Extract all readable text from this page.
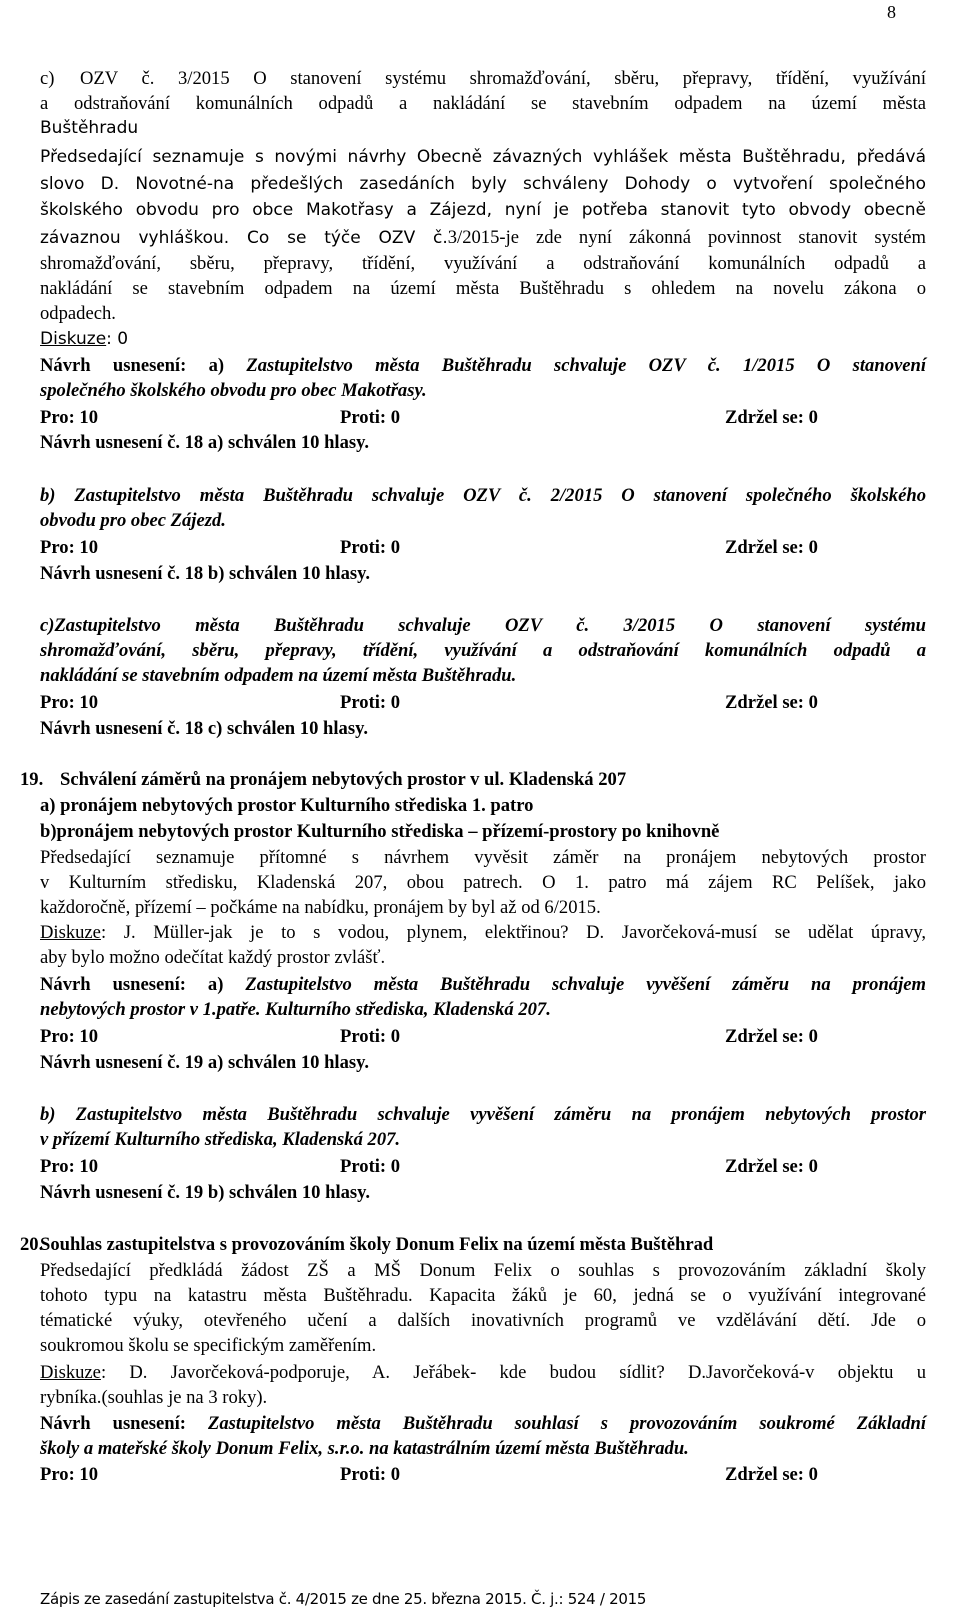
8
c) OZV č. 3/2015 O stanovení systému shromažďování, sběru, přepravy, třídění, využívání
a odstraňování komunálních odpadů a nakládání se stavebním odpadem na území města
Buštěhradu
Předsedající seznamuje s novými návrhy Obecně závazných vyhlášek města Buštěhradu, předává
slovo D. Novotné-na předešlých zasedáních byly schváleny Dohody o vytvoření společného
školského obvodu pro obce Makotřasy a Zájezd, nyní je potřeba stanovit tyto obvody obecně
závaznou vyhláškou. Co se týče OZV č.3/2015-je zde nyní zákonná povinnost stanovit systém
shromažďování, sběru, přepravy, třídění, využívání a odstraňování komunálních odpadů a
nakládání se stavebním odpadem na území města Buštěhradu s ohledem na novelu zákona o
odpadech.
Diskuze: 0
Návrh usnesení: a) Zastupitelstvo města Buštěhradu schvaluje OZV č. 1/2015 O stanovení
společného školského obvodu pro obec Makotřasy.
Pro: 10	Proti: 0	Zdržel se: 0
Návrh usnesení č. 18 a) schválen 10 hlasy.
b) Zastupitelstvo města Buštěhradu schvaluje OZV č. 2/2015 O stanovení společného školského
obvodu pro obec Zájezd.
Pro: 10	Proti: 0	Zdržel se: 0
Návrh usnesení č. 18 b) schválen 10 hlasy.
c)Zastupitelstvo města Buštěhradu schvaluje OZV č. 3/2015 O stanovení systému
shromažďování, sběru, přepravy, třídění, využívání a odstraňování komunálních odpadů a
nakládání se stavebním odpadem na území města Buštěhradu.
Pro: 10	Proti: 0	Zdržel se: 0
Návrh usnesení č. 18 c) schválen 10 hlasy.
19. Schválení záměrů na pronájem nebytových prostor v ul. Kladenská 207
a) pronájem nebytových prostor Kulturního střediska 1. patro
b)pronájem nebytových prostor Kulturního střediska – přízemí-prostory po knihovně
Předsedající seznamuje přítomné s návrhem vyvěsit záměr na pronájem nebytových prostor
v Kulturním středisku, Kladenská 207, obou patrech. O 1. patro má zájem RC Pelíšek, jako
každoročně, přízemí – počkáme na nabídku, pronájem by byl až od 6/2015.
Diskuze: J. Müller-jak je to s vodou, plynem, elektřinou? D. Javorčeková-musí se udělat úpravy,
aby bylo možno odečítat každý prostor zvlášť.
Návrh usnesení: a) Zastupitelstvo města Buštěhradu schvaluje vyvěšení záměru na pronájem
nebytových prostor v 1.patře. Kulturního střediska, Kladenská 207.
Pro: 10	Proti: 0	Zdržel se: 0
Návrh usnesení č. 19 a) schválen 10 hlasy.
b) Zastupitelstvo města Buštěhradu schvaluje vyvěšení záměru na pronájem nebytových prostor
v přízemí Kulturního střediska, Kladenská 207.
Pro: 10	Proti: 0	Zdržel se: 0
Návrh usnesení č. 19 b) schválen 10 hlasy.
20.Souhlas zastupitelstva s provozováním školy Donum Felix na území města Buštěhrad
Předsedající předkládá žádost ZŠ a MŠ Donum Felix o souhlas s provozováním základní školy
tohoto typu na katastru města Buštěhradu. Kapacita žáků je 60, jedná se o využívání integrované
tématické výuky, otevřeného učení a dalších inovativních programů ve vzdělávání dětí. Jde o
soukromou školu se specifickým zaměřením.
Diskuze: D. Javorčeková-podporuje, A. Jeřábek- kde budou sídlit? D.Javorčeková-v objektu u
rybníka.(souhlas je na 3 roky).
Návrh usnesení: Zastupitelstvo města Buštěhradu souhlasí s provozováním soukromé Základní
školy a mateřské školy Donum Felix, s.r.o. na katastrálním území města Buštěhradu.
Pro: 10	Proti: 0	Zdržel se: 0
Zápis ze zasedání zastupitelstva č. 4/2015 ze dne 25. března 2015. Č. j.: 524 / 2015
